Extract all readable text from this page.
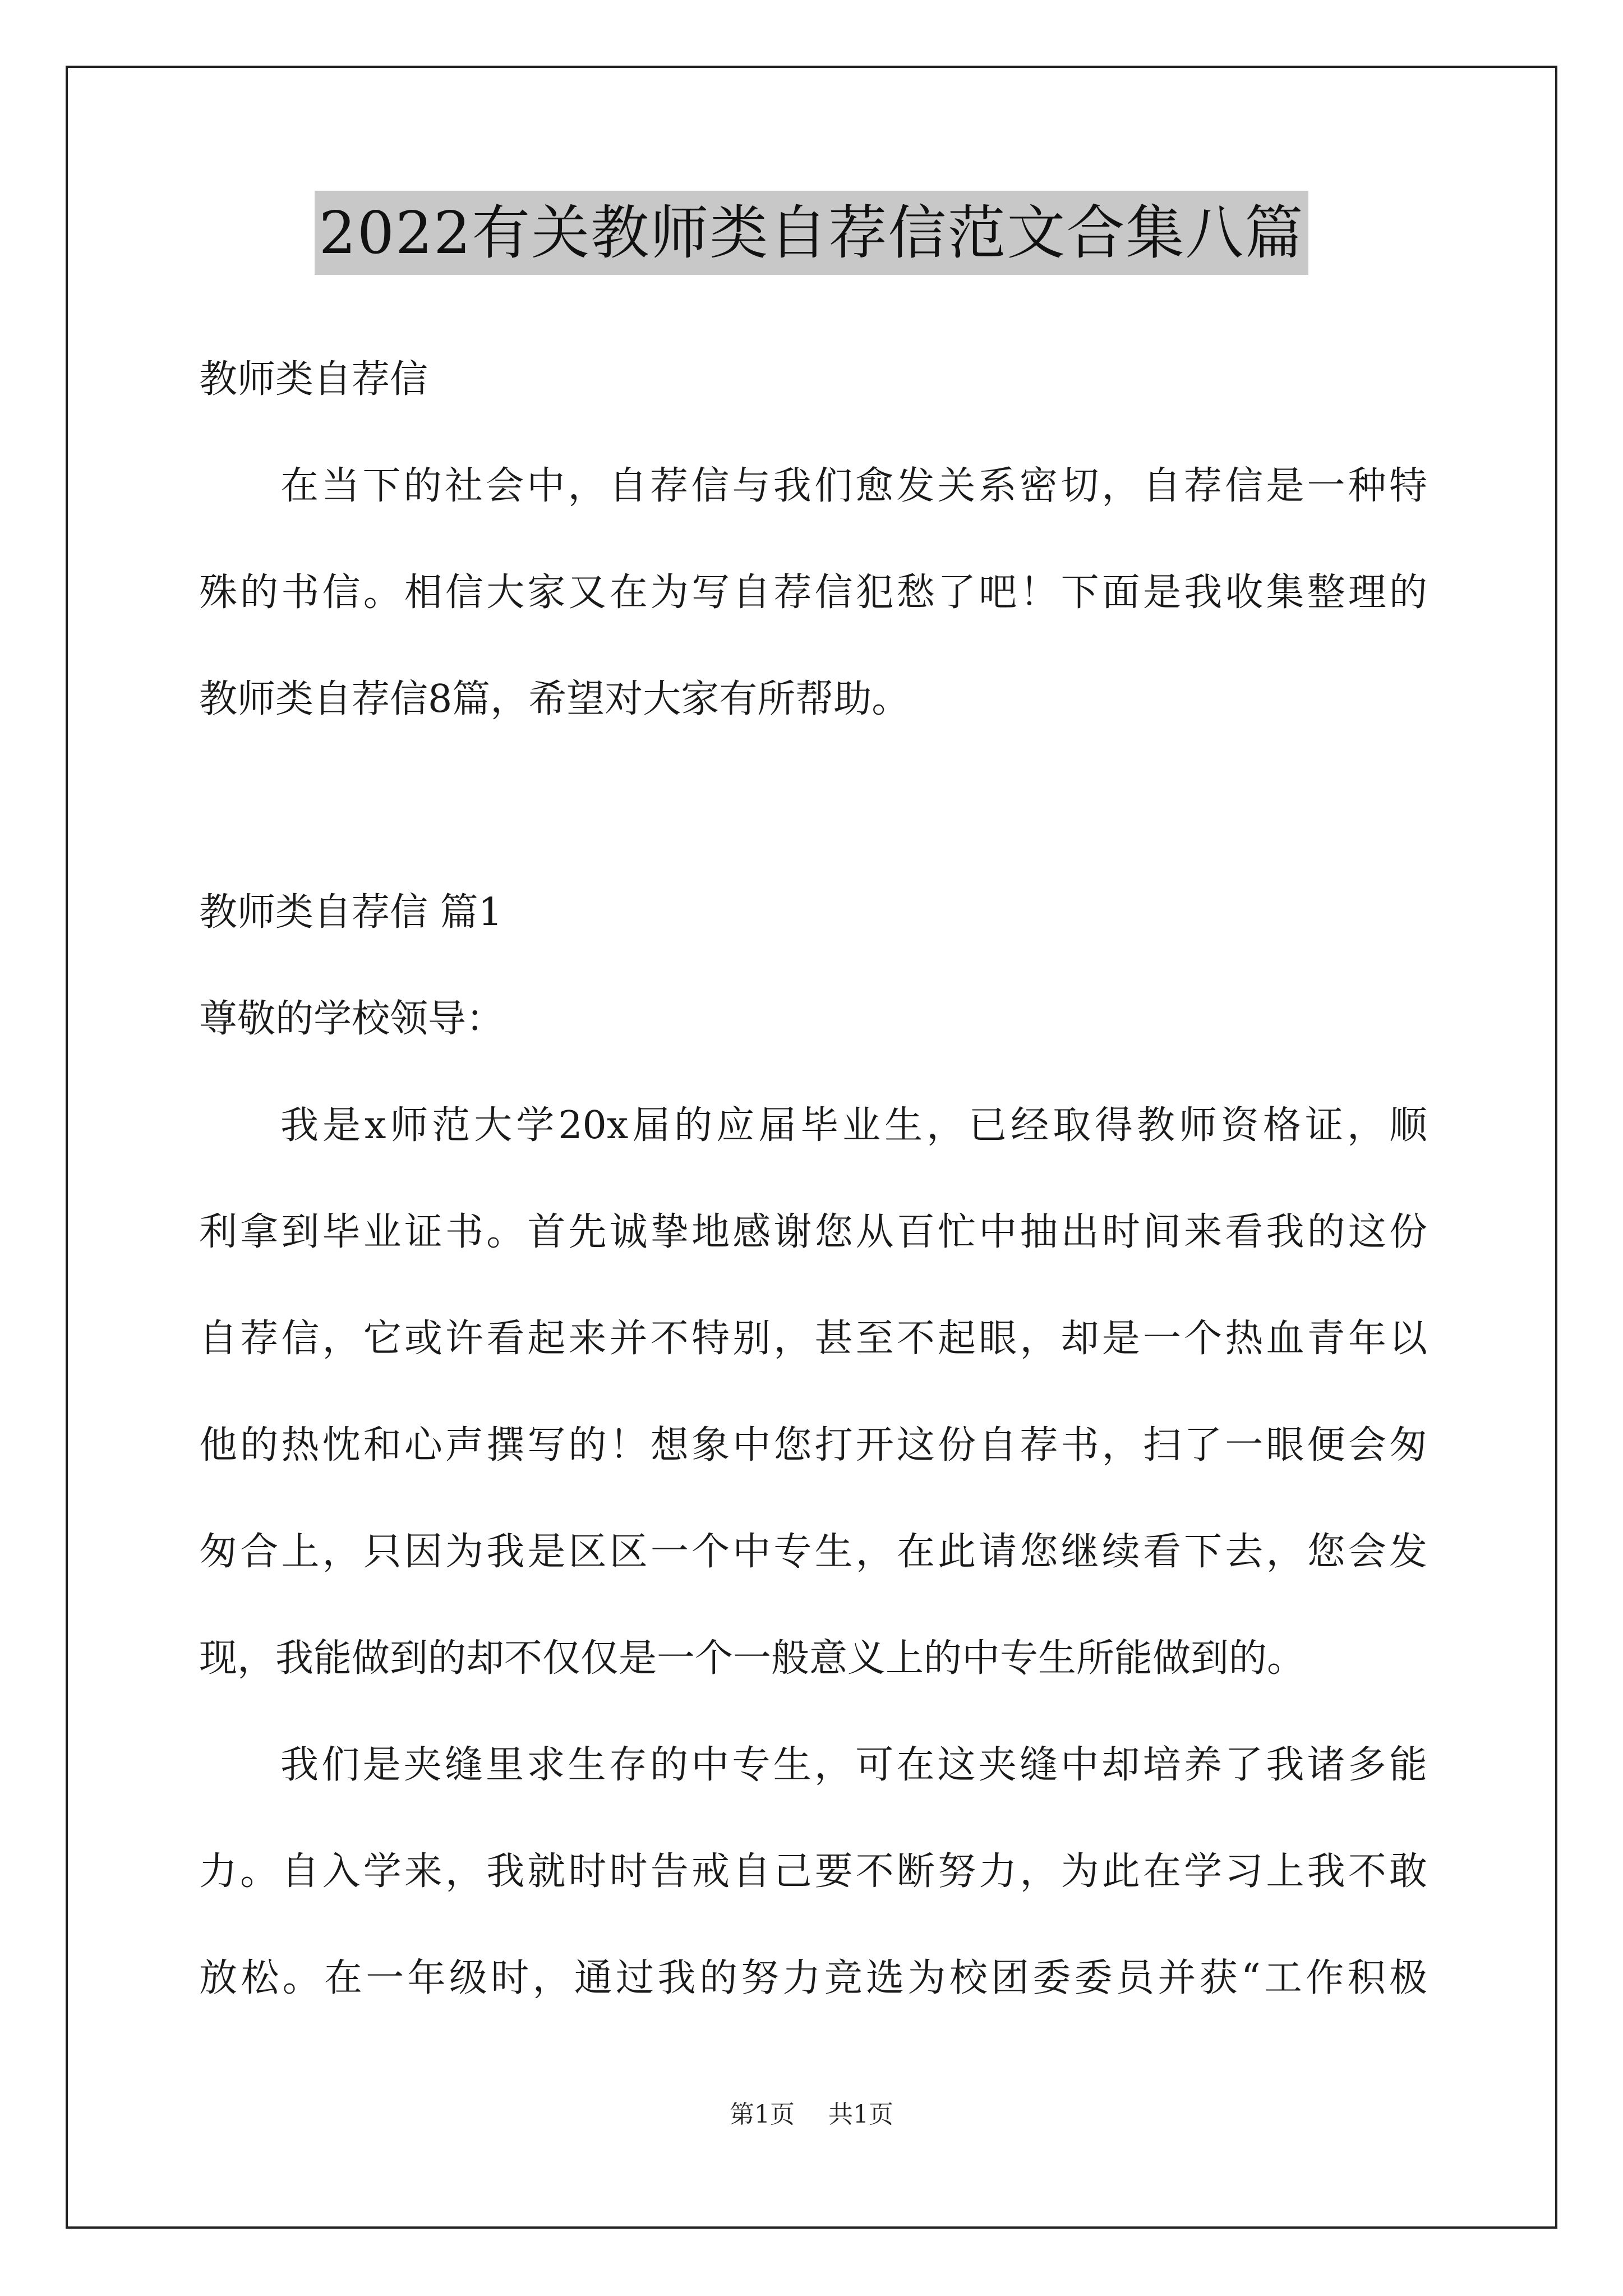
2022有关教师类自荐信范文合集八篇
教师类自荐信
在当下的社会中，自荐信与我们愈发关系密切，自荐信是一种特
殊的书信。相信大家又在为写自荐信犯愁了吧！下面是我收集整理的
教师类自荐信8篇，希望对大家有所帮助。
教师类自荐信 篇1
尊敬的学校领导：
我是x师范大学20x届的应届毕业生，已经取得教师资格证，顺
利拿到毕业证书。首先诚挚地感谢您从百忙中抽出时间来看我的这份
自荐信，它或许看起来并不特别，甚至不起眼，却是一个热血青年以
他的热忱和心声撰写的！想象中您打开这份自荐书，扫了一眼便会匆
匆合上，只因为我是区区一个中专生，在此请您继续看下去，您会发
现，我能做到的却不仅仅是一个一般意义上的中专生所能做到的。
我们是夹缝里求生存的中专生，可在这夹缝中却培养了我诸多能
力。自入学来，我就时时告戒自己要不断努力，为此在学习上我不敢
放松。在一年级时，通过我的努力竞选为校团委委员并获“工作积极
第1页 共1页
